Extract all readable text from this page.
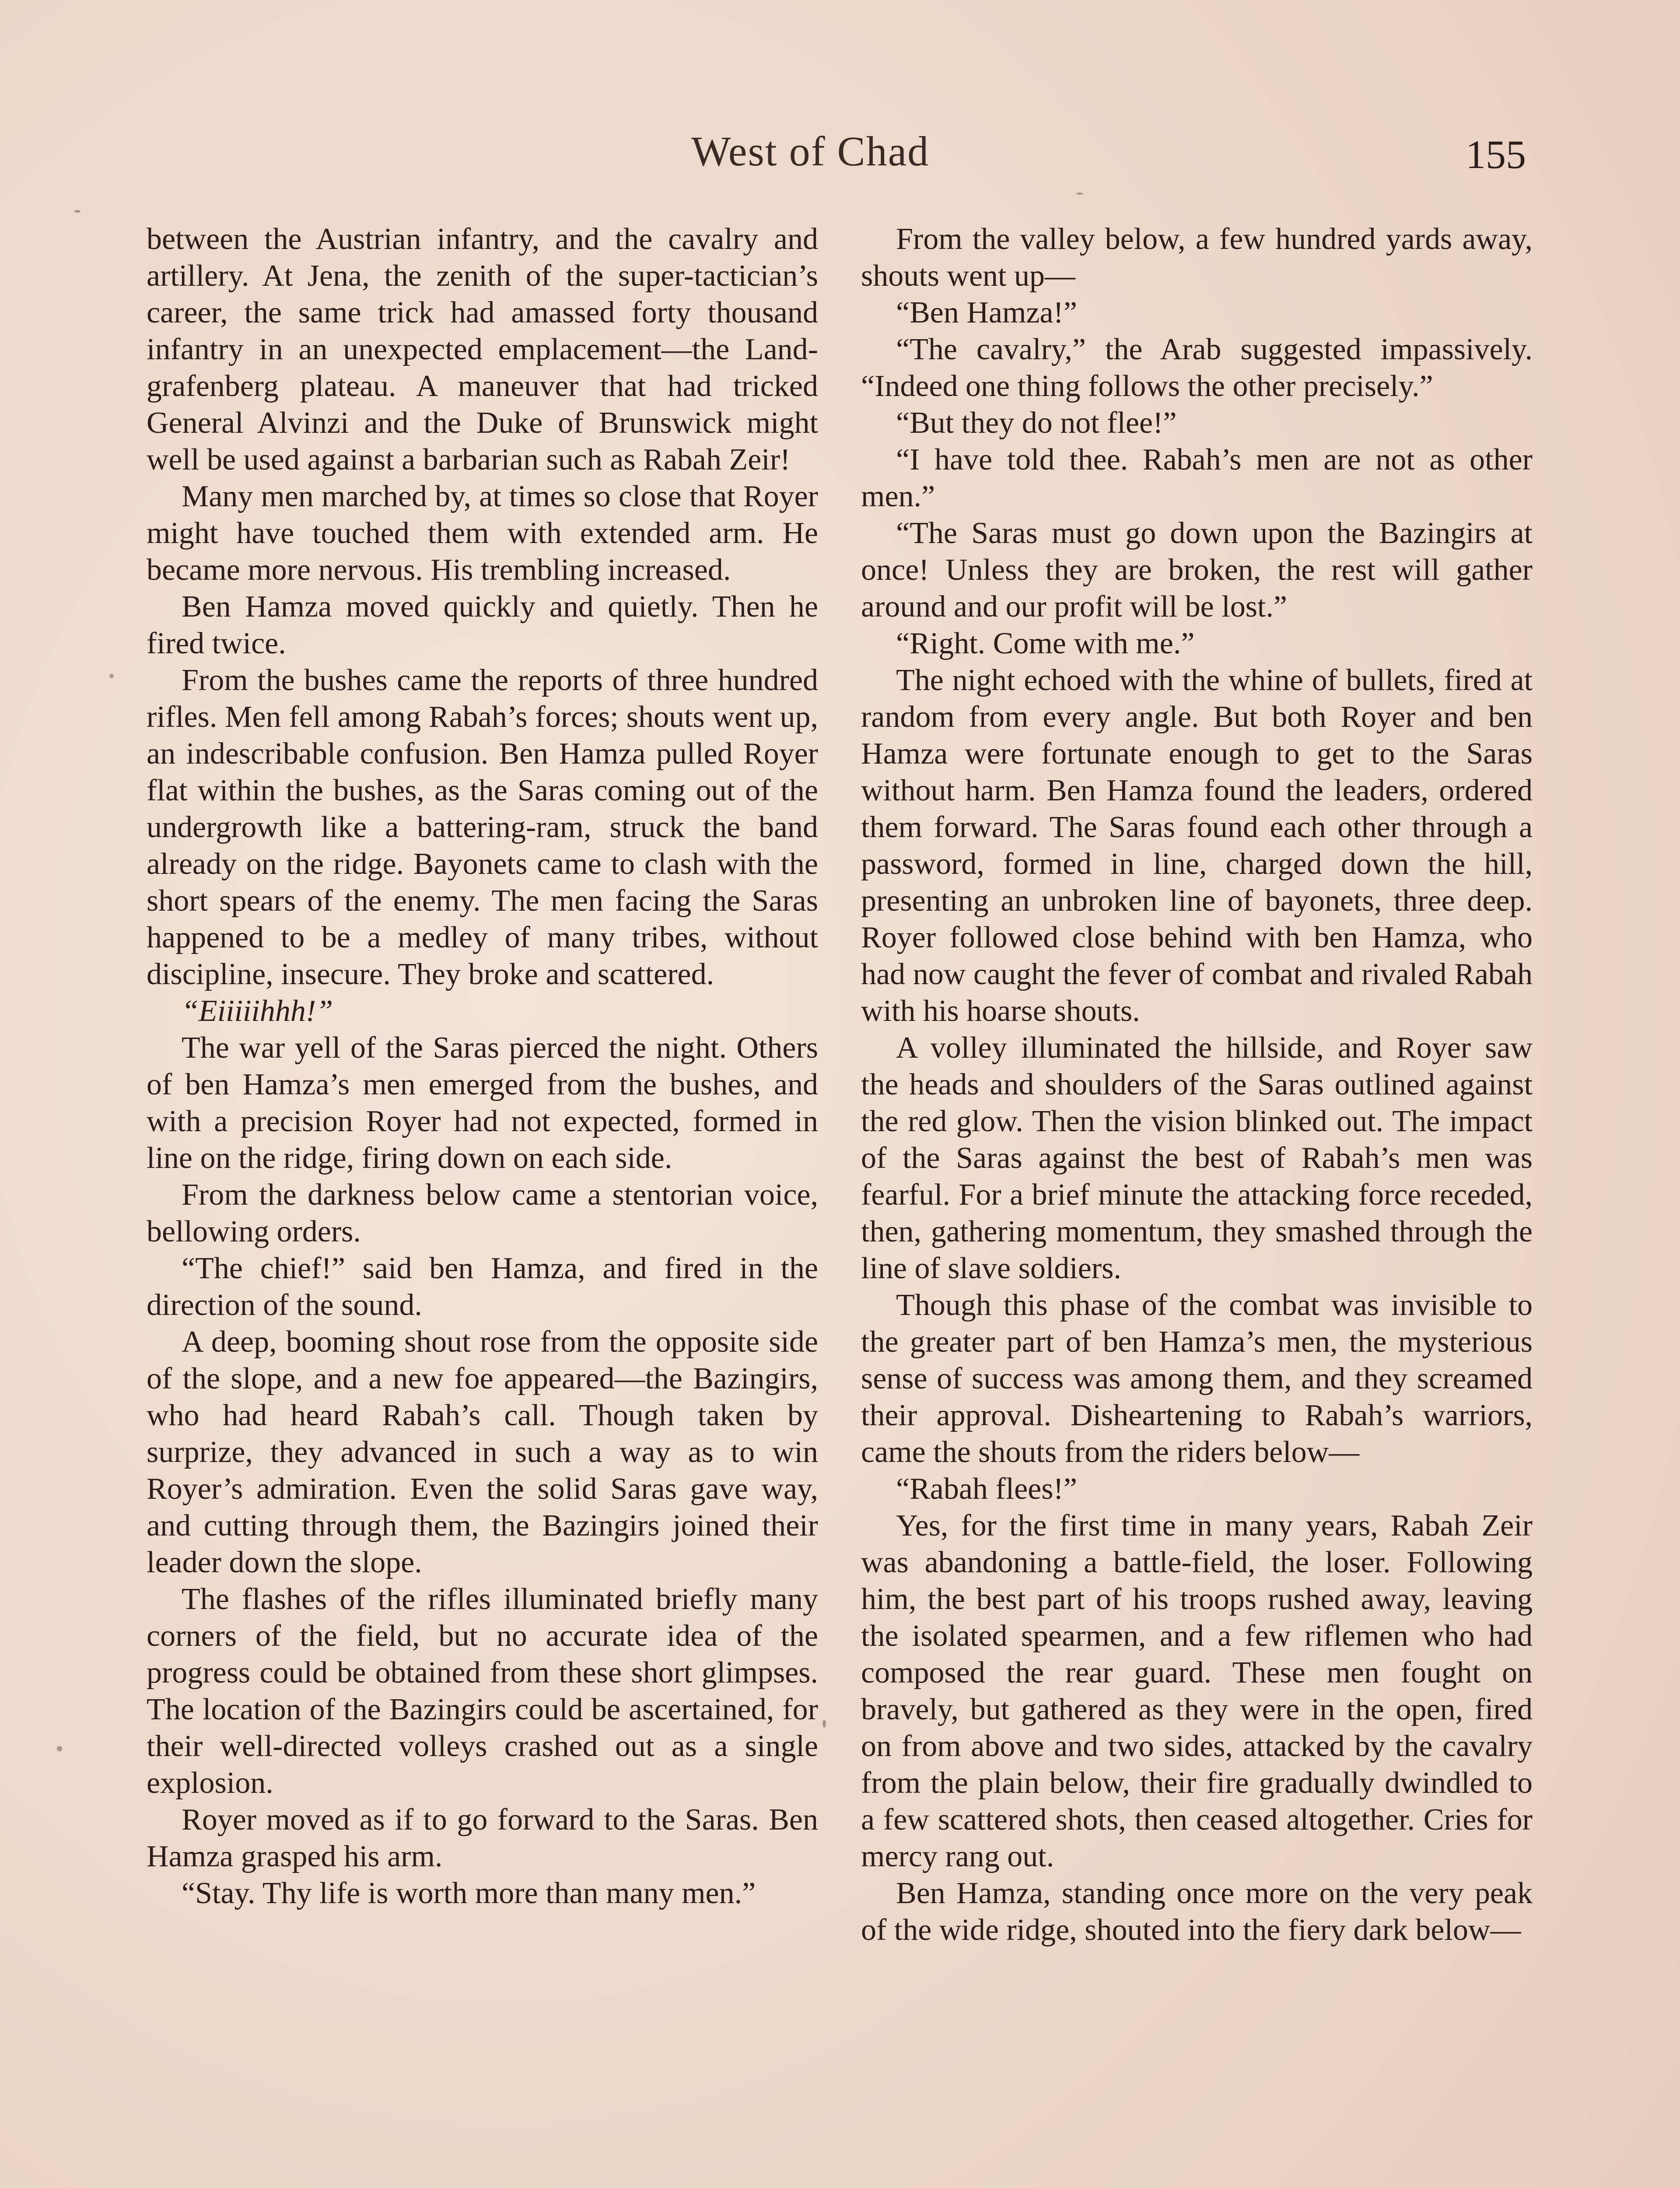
West of Chad	155

between the Austrian infantry, and the cavalry and artillery. At Jena, the zenith of the super-tactician’s career, the same trick had amassed forty thousand infantry in an unexpected emplacement—the Landgrafenberg plateau. A maneuver that had tricked General Alvinzi and the Duke of Brunswick might well be used against a barbarian such as Rabah Zeir!

Many men marched by, at times so close that Royer might have touched them with extended arm. He became more nervous. His trembling increased.

Ben Hamza moved quickly and quietly. Then he fired twice.

From the bushes came the reports of three hundred rifles. Men fell among Rabah’s forces; shouts went up, an indescribable confusion. Ben Hamza pulled Royer flat within the bushes, as the Saras coming out of the undergrowth like a battering-ram, struck the band already on the ridge. Bayonets came to clash with the short spears of the enemy. The men facing the Saras happened to be a medley of many tribes, without discipline, insecure. They broke and scattered.

“Eiiiiihhh!”

The war yell of the Saras pierced the night. Others of ben Hamza’s men emerged from the bushes, and with a precision Royer had not expected, formed in line on the ridge, firing down on each side.

From the darkness below came a stentorian voice, bellowing orders.

“The chief!” said ben Hamza, and fired in the direction of the sound.

A deep, booming shout rose from the opposite side of the slope, and a new foe appeared—the Bazingirs, who had heard Rabah’s call. Though taken by surprize, they advanced in such a way as to win Royer’s admiration. Even the solid Saras gave way, and cutting through them, the Bazingirs joined their leader down the slope.

The flashes of the rifles illuminated briefly many corners of the field, but no accurate idea of the progress could be obtained from these short glimpses. The location of the Bazingirs could be ascertained, for their well-directed volleys crashed out as a single explosion.

Royer moved as if to go forward to the Saras. Ben Hamza grasped his arm.

“Stay. Thy life is worth more than many men.”

From the valley below, a few hundred yards away, shouts went up—

“Ben Hamza!”

“The cavalry,” the Arab suggested impassively. “Indeed one thing follows the other precisely.”

“But they do not flee!”

“I have told thee. Rabah’s men are not as other men.”

“The Saras must go down upon the Bazingirs at once! Unless they are broken, the rest will gather around and our profit will be lost.”

“Right. Come with me.”

The night echoed with the whine of bullets, fired at random from every angle. But both Royer and ben Hamza were fortunate enough to get to the Saras without harm. Ben Hamza found the leaders, ordered them forward. The Saras found each other through a password, formed in line, charged down the hill, presenting an unbroken line of bayonets, three deep. Royer followed close behind with ben Hamza, who had now caught the fever of combat and rivaled Rabah with his hoarse shouts.

A volley illuminated the hillside, and Royer saw the heads and shoulders of the Saras outlined against the red glow. Then the vision blinked out. The impact of the Saras against the best of Rabah’s men was fearful. For a brief minute the attacking force receded, then, gathering momentum, they smashed through the line of slave soldiers.

Though this phase of the combat was invisible to the greater part of ben Hamza’s men, the mysterious sense of success was among them, and they screamed their approval. Disheartening to Rabah’s warriors, came the shouts from the riders below—

“Rabah flees!”

Yes, for the first time in many years, Rabah Zeir was abandoning a battle-field, the loser. Following him, the best part of his troops rushed away, leaving the isolated spearmen, and a few riflemen who had composed the rear guard. These men fought on bravely, but gathered as they were in the open, fired on from above and two sides, attacked by the cavalry from the plain below, their fire gradually dwindled to a few scattered shots, then ceased altogether. Cries for mercy rang out.

Ben Hamza, standing once more on the very peak of the wide ridge, shouted into the fiery dark below—
